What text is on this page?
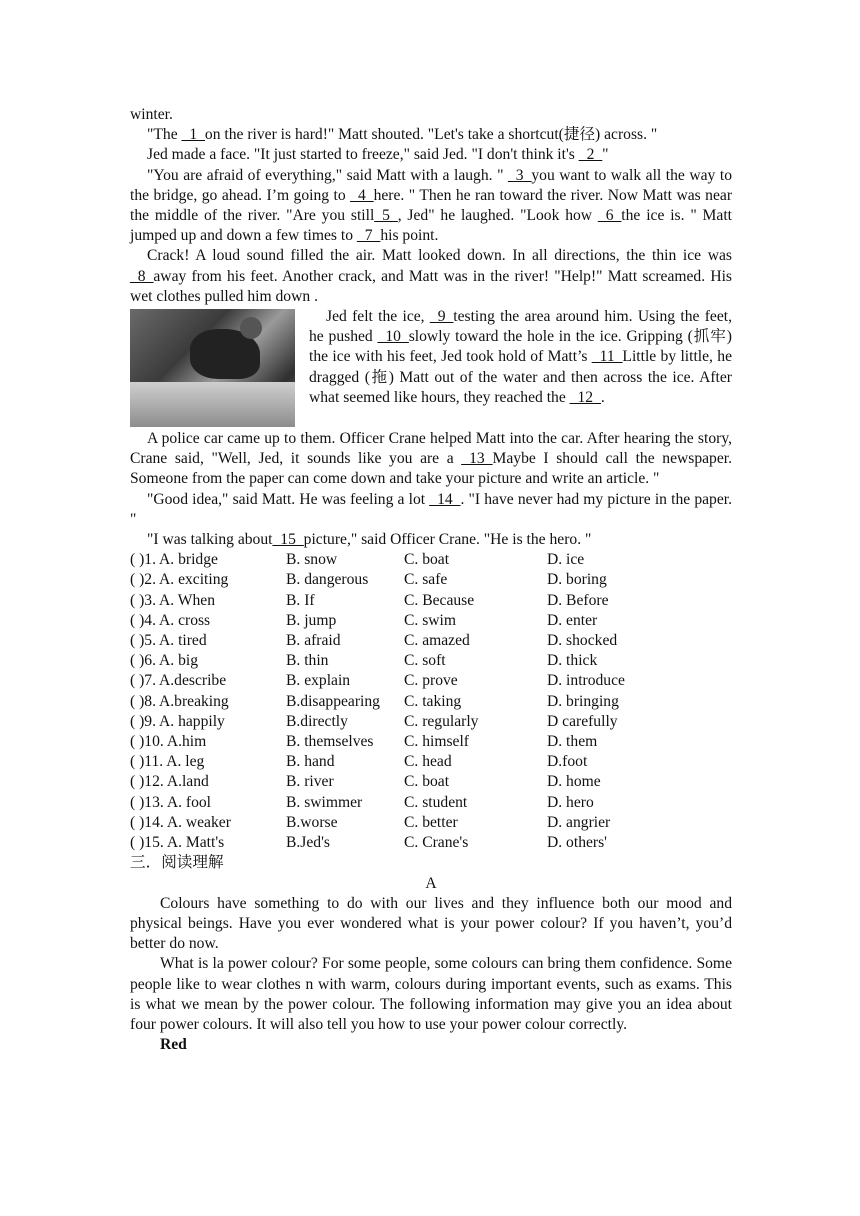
winter.

"The _1_on the river is hard!" Matt shouted. "Let's take a shortcut(捷径) across. "

Jed made a face. "It just started to freeze," said Jed. "I don't think it's _2_"

"You are afraid of everything," said Matt with a laugh. " _3_you want to walk all the way to the bridge, go ahead. I’m going to _4_here. " Then he ran toward the river. Now Matt was near the middle of the river. "Are you still_5_, Jed" he laughed. "Look how _6_the ice is. " Matt jumped up and down a few times to _7_his point.

Crack! A loud sound filled the air. Matt looked down. In all directions, the thin ice was _8_away from his feet. Another crack, and Matt was in the river! "Help!" Matt screamed. His wet clothes pulled him down .

Jed felt the ice, _9_testing the area around him. Using the feet, he pushed _10_slowly toward the hole in the ice. Gripping (抓牢) the ice with his feet, Jed took hold of Matt’s _11_Little by little, he dragged (拖) Matt out of the water and then across the ice. After what seemed like hours, they reached the _12_.

A police car came up to them. Officer Crane helped Matt into the car. After hearing the story, Crane said, "Well, Jed, it sounds like you are a _13_Maybe I should call the newspaper. Someone from the paper can come down and take your picture and write an article. "

"Good idea," said Matt. He was feeling a lot _14_. "I have never had my picture in the paper. "

"I was talking about_15_picture," said Officer Crane. "He is the hero. "

( )1. A. bridge	B. snow	C. boat	D. ice
( )2. A. exciting	B. dangerous	C. safe	D. boring
( )3. A. When	B. If	C. Because	D. Before
( )4. A. cross	B. jump	C. swim	D. enter
( )5. A. tired	B. afraid	C. amazed	D. shocked
( )6. A. big	B. thin	C. soft	D. thick
( )7. A.describe	B. explain	C. prove	D. introduce
( )8. A.breaking	B.disappearing	C. taking	D. bringing
( )9. A. happily	B.directly	C. regularly	D carefully
( )10. A.him	B. themselves	C. himself	D. them
( )11. A. leg	B. hand	C. head	D.foot
( )12. A.land	B. river	C. boat	D. home
( )13. A. fool	B. swimmer	C. student	D. hero
( )14. A. weaker	B.worse	C. better	D. angrier
( )15. A. Matt's	B.Jed's	C. Crane's	D. others'

三．阅读理解

A

Colours have something to do with our lives and they influence both our mood and physical beings. Have you ever wondered what is your power colour? If you haven’t, you’d better do now.

What is la power colour? For some people, some colours can bring them confidence. Some people like to wear clothes n with warm, colours during important events, such as exams. This is what we mean by the power colour. The following information may give you an idea about four power colours. It will also tell you how to use your power colour correctly.

Red
